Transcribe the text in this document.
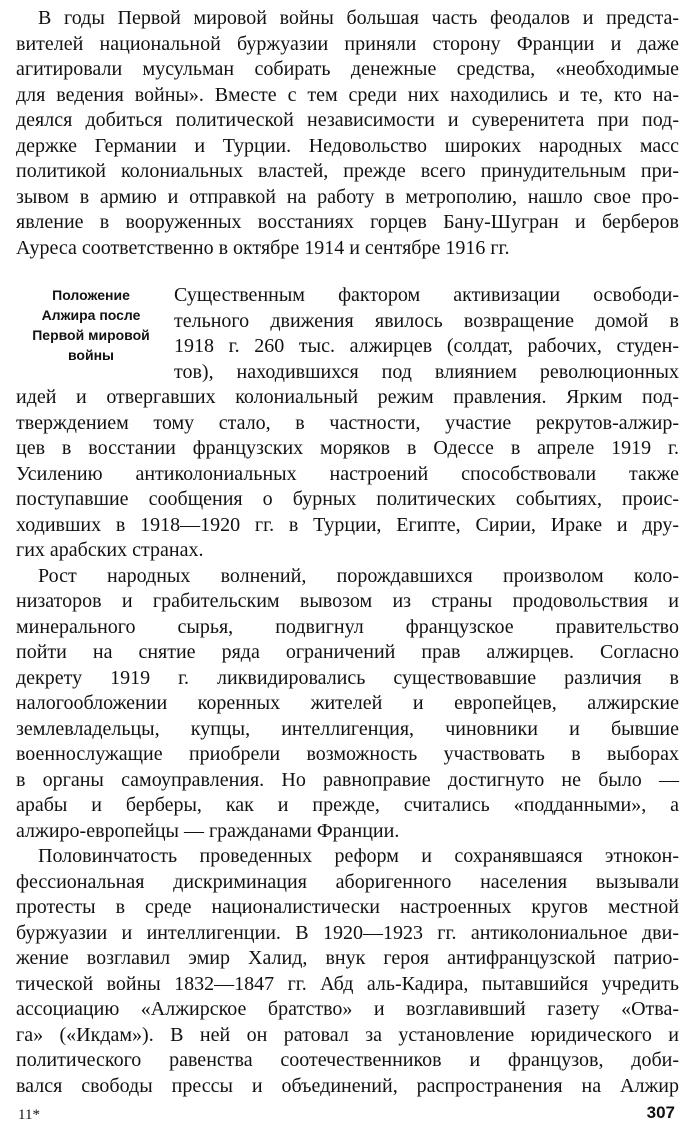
В годы Первой мировой войны большая часть феодалов и предста-
вителей национальной буржуазии приняли сторону Франции и даже
агитировали мусульман собирать денежные средства, «необходимые
для ведения войны». Вместе с тем среди них находились и те, кто на-
деялся добиться политической независимости и суверенитета при под-
держке Германии и Турции. Недовольство широких народных масс
политикой колониальных властей, прежде всего принудительным при-
зывом в армию и отправкой на работу в метрополию, нашло свое про-
явление в вооруженных восстаниях горцев Бану-Шугран и берберов
Ауреса соответственно в октябре 1914 и сентябре 1916 гг.
Положение
Алжира после
Первой мировой
войны
Существенным фактором активизации освободи-
тельного движения явилось возвращение домой в
1918 г. 260 тыс. алжирцев (солдат, рабочих, студен-
тов), находившихся под влиянием революционных
идей и отвергавших колониальный режим правления. Ярким под-
тверждением тому стало, в частности, участие рекрутов-алжир-
цев в восстании французских моряков в Одессе в апреле 1919 г.
Усилению антиколониальных настроений способствовали также
поступавшие сообщения о бурных политических событиях, проис-
ходивших в 1918—1920 гг. в Турции, Египте, Сирии, Ираке и дру-
гих арабских странах.
Рост народных волнений, порождавшихся произволом коло-
низаторов и грабительским вывозом из страны продовольствия и
минерального сырья, подвигнул французское правительство
пойти на снятие ряда ограничений прав алжирцев. Согласно
декрету 1919 г. ликвидировались существовавшие различия в
налогообложении коренных жителей и европейцев, алжирские
землевладельцы, купцы, интеллигенция, чиновники и бывшие
военнослужащие приобрели возможность участвовать в выборах
в органы самоуправления. Но равноправие достигнуто не было —
арабы и берберы, как и прежде, считались «подданными», а
алжиро-европейцы — гражданами Франции.
Половинчатость проведенных реформ и сохранявшаяся этнокон-
фессиональная дискриминация аборигенного населения вызывали
протесты в среде националистически настроенных кругов местной
буржуазии и интеллигенции. В 1920—1923 гг. антиколониальное дви-
жение возглавил эмир Халид, внук героя антифранцузской патрио-
тической войны 1832—1847 гг. Абд аль-Кадира, пытавшийся учредить
ассоциацию «Алжирское братство» и возглавивший газету «Отва-
га» («Икдам»). В ней он ратовал за установление юридического и
политического равенства соотечественников и французов, доби-
вался свободы прессы и объединений, распространения на Алжир
11*	307
